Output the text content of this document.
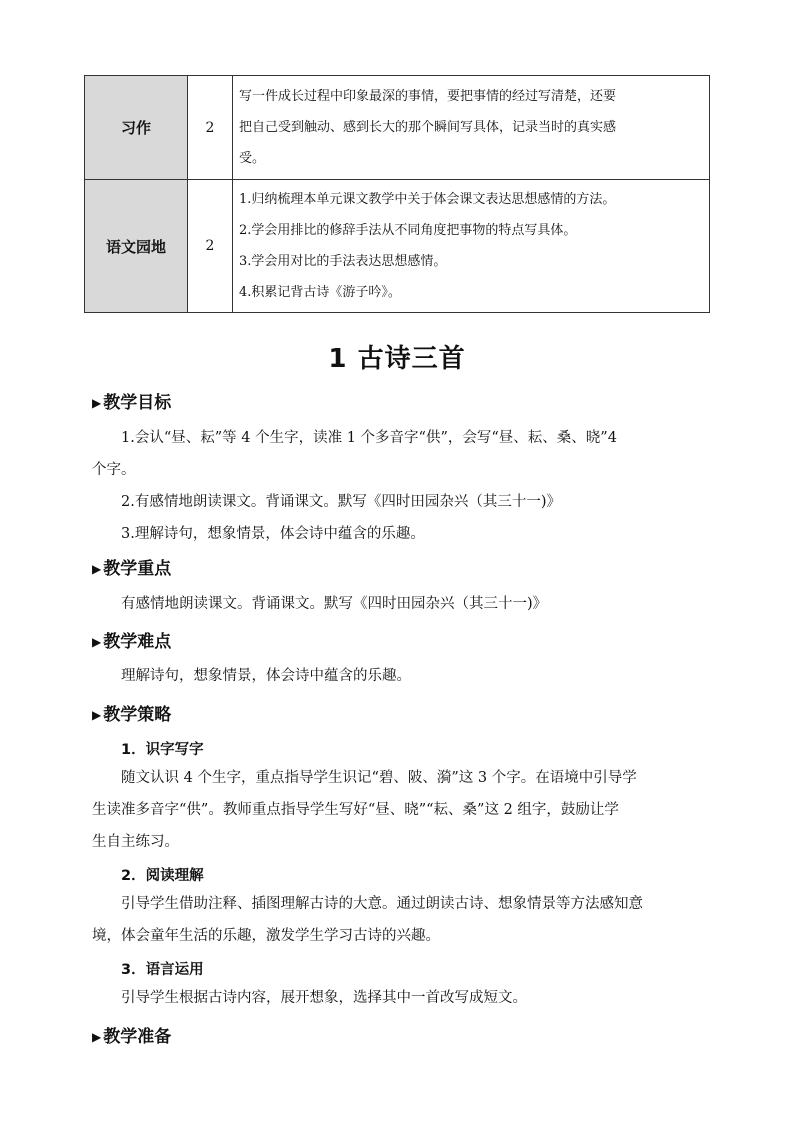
习作	2	写一件成长过程中印象最深的事情，要把事情的经过写清楚，还要
把自己受到触动、感到长大的那个瞬间写具体，记录当时的真实感
受。

语文园地	2	1.归纳梳理本单元课文教学中关于体会课文表达思想感情的方法。
2.学会用排比的修辞手法从不同角度把事物的特点写具体。
3.学会用对比的手法表达思想感情。
4.积累记背古诗《游子吟》。
1 古诗三首
▶ 教学目标
1.会认“昼、耘”等 4 个生字，读准 1 个多音字“供”，会写“昼、耘、桑、晓”4
个字。
2.有感情地朗读课文。背诵课文。默写《四时田园杂兴（其三十一)》
3.理解诗句，想象情景，体会诗中蕴含的乐趣。
▶ 教学重点
有感情地朗读课文。背诵课文。默写《四时田园杂兴（其三十一)》
▶ 教学难点
理解诗句，想象情景，体会诗中蕴含的乐趣。
▶ 教学策略
1．识字写字
随文认识 4 个生字，重点指导学生识记“碧、陂、漪”这 3 个字。在语境中引导学
生读准多音字“供”。教师重点指导学生写好“昼、晓”“耘、桑”这 2 组字，鼓励让学
生自主练习。
2．阅读理解
引导学生借助注释、插图理解古诗的大意。通过朗读古诗、想象情景等方法感知意
境，体会童年生活的乐趣，激发学生学习古诗的兴趣。
3．语言运用
引导学生根据古诗内容，展开想象，选择其中一首改写成短文。
▶ 教学准备
